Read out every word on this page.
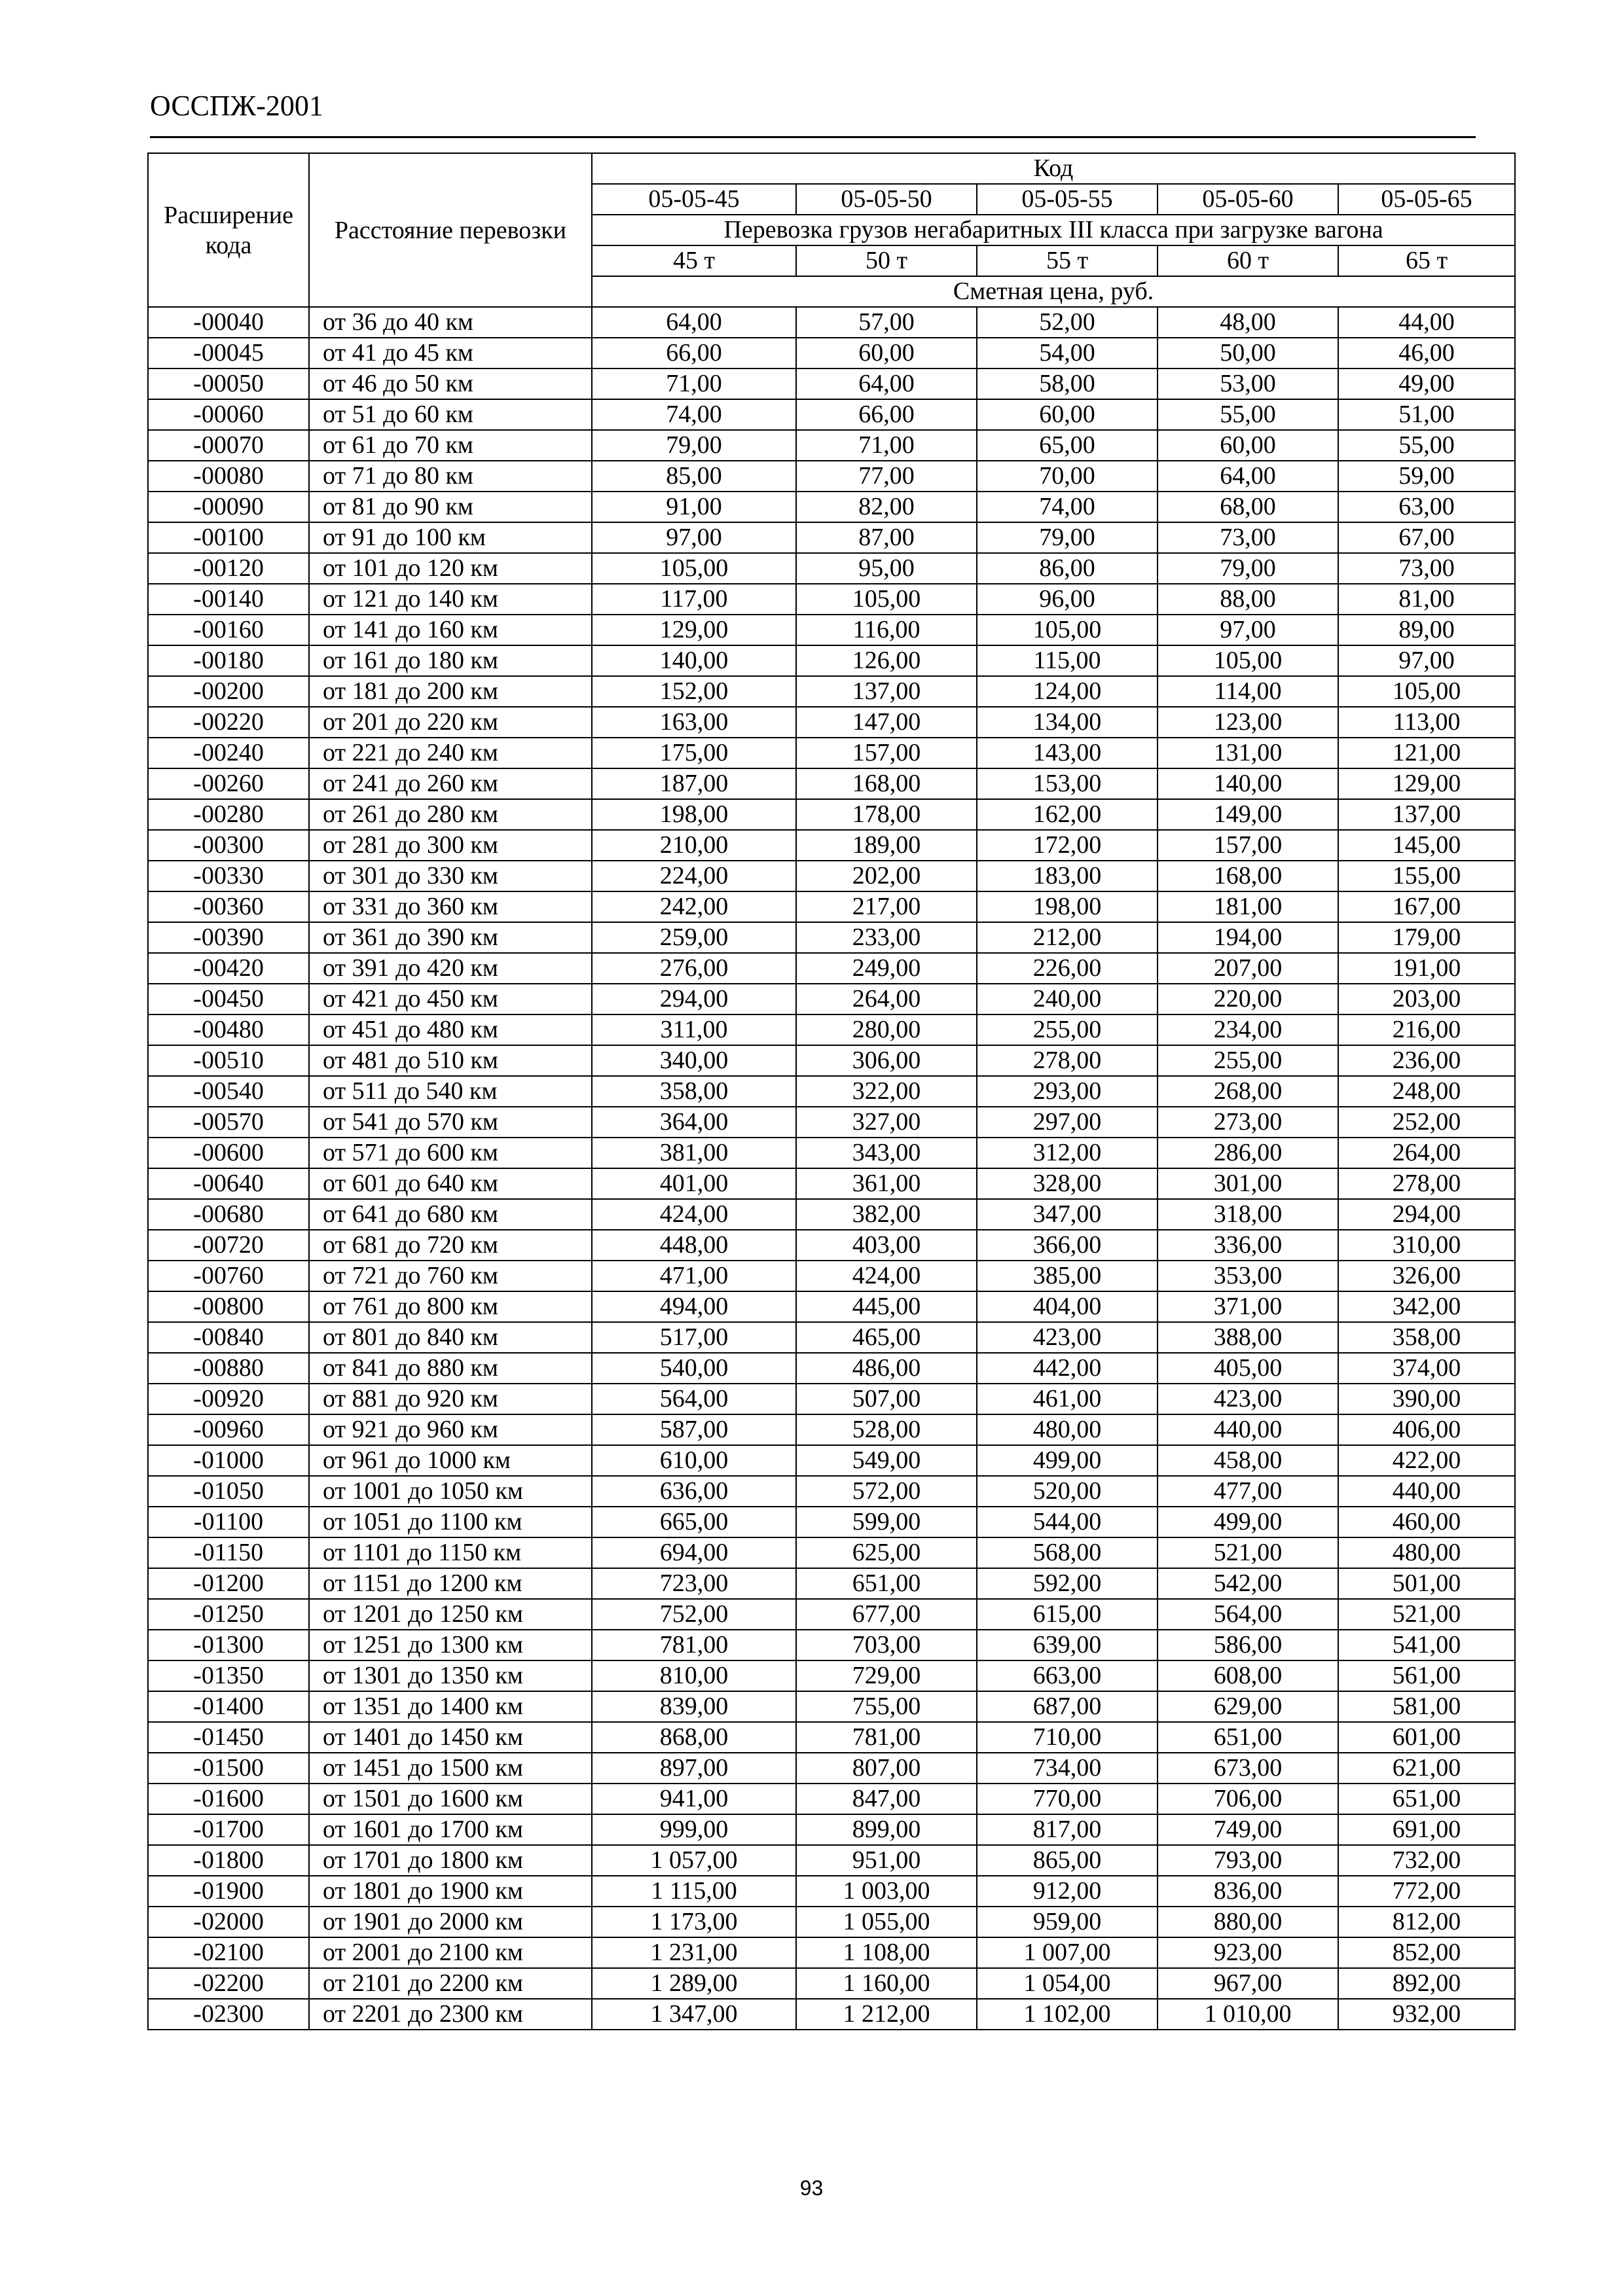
ОССПЖ-2001
Расширение кода	Расстояние перевозки	Код				
		05-05-45	05-05-50	05-05-55	05-05-60	05-05-65
		Перевозка грузов негабаритных III класса при загрузке вагона				
		45 т	50 т	55 т	60 т	65 т
		Сметная цена, руб.				
-00040	от 36 до 40 км	64,00	57,00	52,00	48,00	44,00
-00045	от 41 до 45 км	66,00	60,00	54,00	50,00	46,00
-00050	от 46 до 50 км	71,00	64,00	58,00	53,00	49,00
-00060	от 51 до 60 км	74,00	66,00	60,00	55,00	51,00
-00070	от 61 до 70 км	79,00	71,00	65,00	60,00	55,00
-00080	от 71 до 80 км	85,00	77,00	70,00	64,00	59,00
-00090	от 81 до 90 км	91,00	82,00	74,00	68,00	63,00
-00100	от 91 до 100 км	97,00	87,00	79,00	73,00	67,00
-00120	от 101 до 120 км	105,00	95,00	86,00	79,00	73,00
-00140	от 121 до 140 км	117,00	105,00	96,00	88,00	81,00
-00160	от 141 до 160 км	129,00	116,00	105,00	97,00	89,00
-00180	от 161 до 180 км	140,00	126,00	115,00	105,00	97,00
-00200	от 181 до 200 км	152,00	137,00	124,00	114,00	105,00
-00220	от 201 до 220 км	163,00	147,00	134,00	123,00	113,00
-00240	от 221 до 240 км	175,00	157,00	143,00	131,00	121,00
-00260	от 241 до 260 км	187,00	168,00	153,00	140,00	129,00
-00280	от 261 до 280 км	198,00	178,00	162,00	149,00	137,00
-00300	от 281 до 300 км	210,00	189,00	172,00	157,00	145,00
-00330	от 301 до 330 км	224,00	202,00	183,00	168,00	155,00
-00360	от 331 до 360 км	242,00	217,00	198,00	181,00	167,00
-00390	от 361 до 390 км	259,00	233,00	212,00	194,00	179,00
-00420	от 391 до 420 км	276,00	249,00	226,00	207,00	191,00
-00450	от 421 до 450 км	294,00	264,00	240,00	220,00	203,00
-00480	от 451 до 480 км	311,00	280,00	255,00	234,00	216,00
-00510	от 481 до 510 км	340,00	306,00	278,00	255,00	236,00
-00540	от 511 до 540 км	358,00	322,00	293,00	268,00	248,00
-00570	от 541 до 570 км	364,00	327,00	297,00	273,00	252,00
-00600	от 571 до 600 км	381,00	343,00	312,00	286,00	264,00
-00640	от 601 до 640 км	401,00	361,00	328,00	301,00	278,00
-00680	от 641 до 680 км	424,00	382,00	347,00	318,00	294,00
-00720	от 681 до 720 км	448,00	403,00	366,00	336,00	310,00
-00760	от 721 до 760 км	471,00	424,00	385,00	353,00	326,00
-00800	от 761 до 800 км	494,00	445,00	404,00	371,00	342,00
-00840	от 801 до 840 км	517,00	465,00	423,00	388,00	358,00
-00880	от 841 до 880 км	540,00	486,00	442,00	405,00	374,00
-00920	от 881 до 920 км	564,00	507,00	461,00	423,00	390,00
-00960	от 921 до 960 км	587,00	528,00	480,00	440,00	406,00
-01000	от 961 до 1000 км	610,00	549,00	499,00	458,00	422,00
-01050	от 1001 до 1050 км	636,00	572,00	520,00	477,00	440,00
-01100	от 1051 до 1100 км	665,00	599,00	544,00	499,00	460,00
-01150	от 1101 до 1150 км	694,00	625,00	568,00	521,00	480,00
-01200	от 1151 до 1200 км	723,00	651,00	592,00	542,00	501,00
-01250	от 1201 до 1250 км	752,00	677,00	615,00	564,00	521,00
-01300	от 1251 до 1300 км	781,00	703,00	639,00	586,00	541,00
-01350	от 1301 до 1350 км	810,00	729,00	663,00	608,00	561,00
-01400	от 1351 до 1400 км	839,00	755,00	687,00	629,00	581,00
-01450	от 1401 до 1450 км	868,00	781,00	710,00	651,00	601,00
-01500	от 1451 до 1500 км	897,00	807,00	734,00	673,00	621,00
-01600	от 1501 до 1600 км	941,00	847,00	770,00	706,00	651,00
-01700	от 1601 до 1700 км	999,00	899,00	817,00	749,00	691,00
-01800	от 1701 до 1800 км	1 057,00	951,00	865,00	793,00	732,00
-01900	от 1801 до 1900 км	1 115,00	1 003,00	912,00	836,00	772,00
-02000	от 1901 до 2000 км	1 173,00	1 055,00	959,00	880,00	812,00
-02100	от 2001 до 2100 км	1 231,00	1 108,00	1 007,00	923,00	852,00
-02200	от 2101 до 2200 км	1 289,00	1 160,00	1 054,00	967,00	892,00
-02300	от 2201 до 2300 км	1 347,00	1 212,00	1 102,00	1 010,00	932,00
93
